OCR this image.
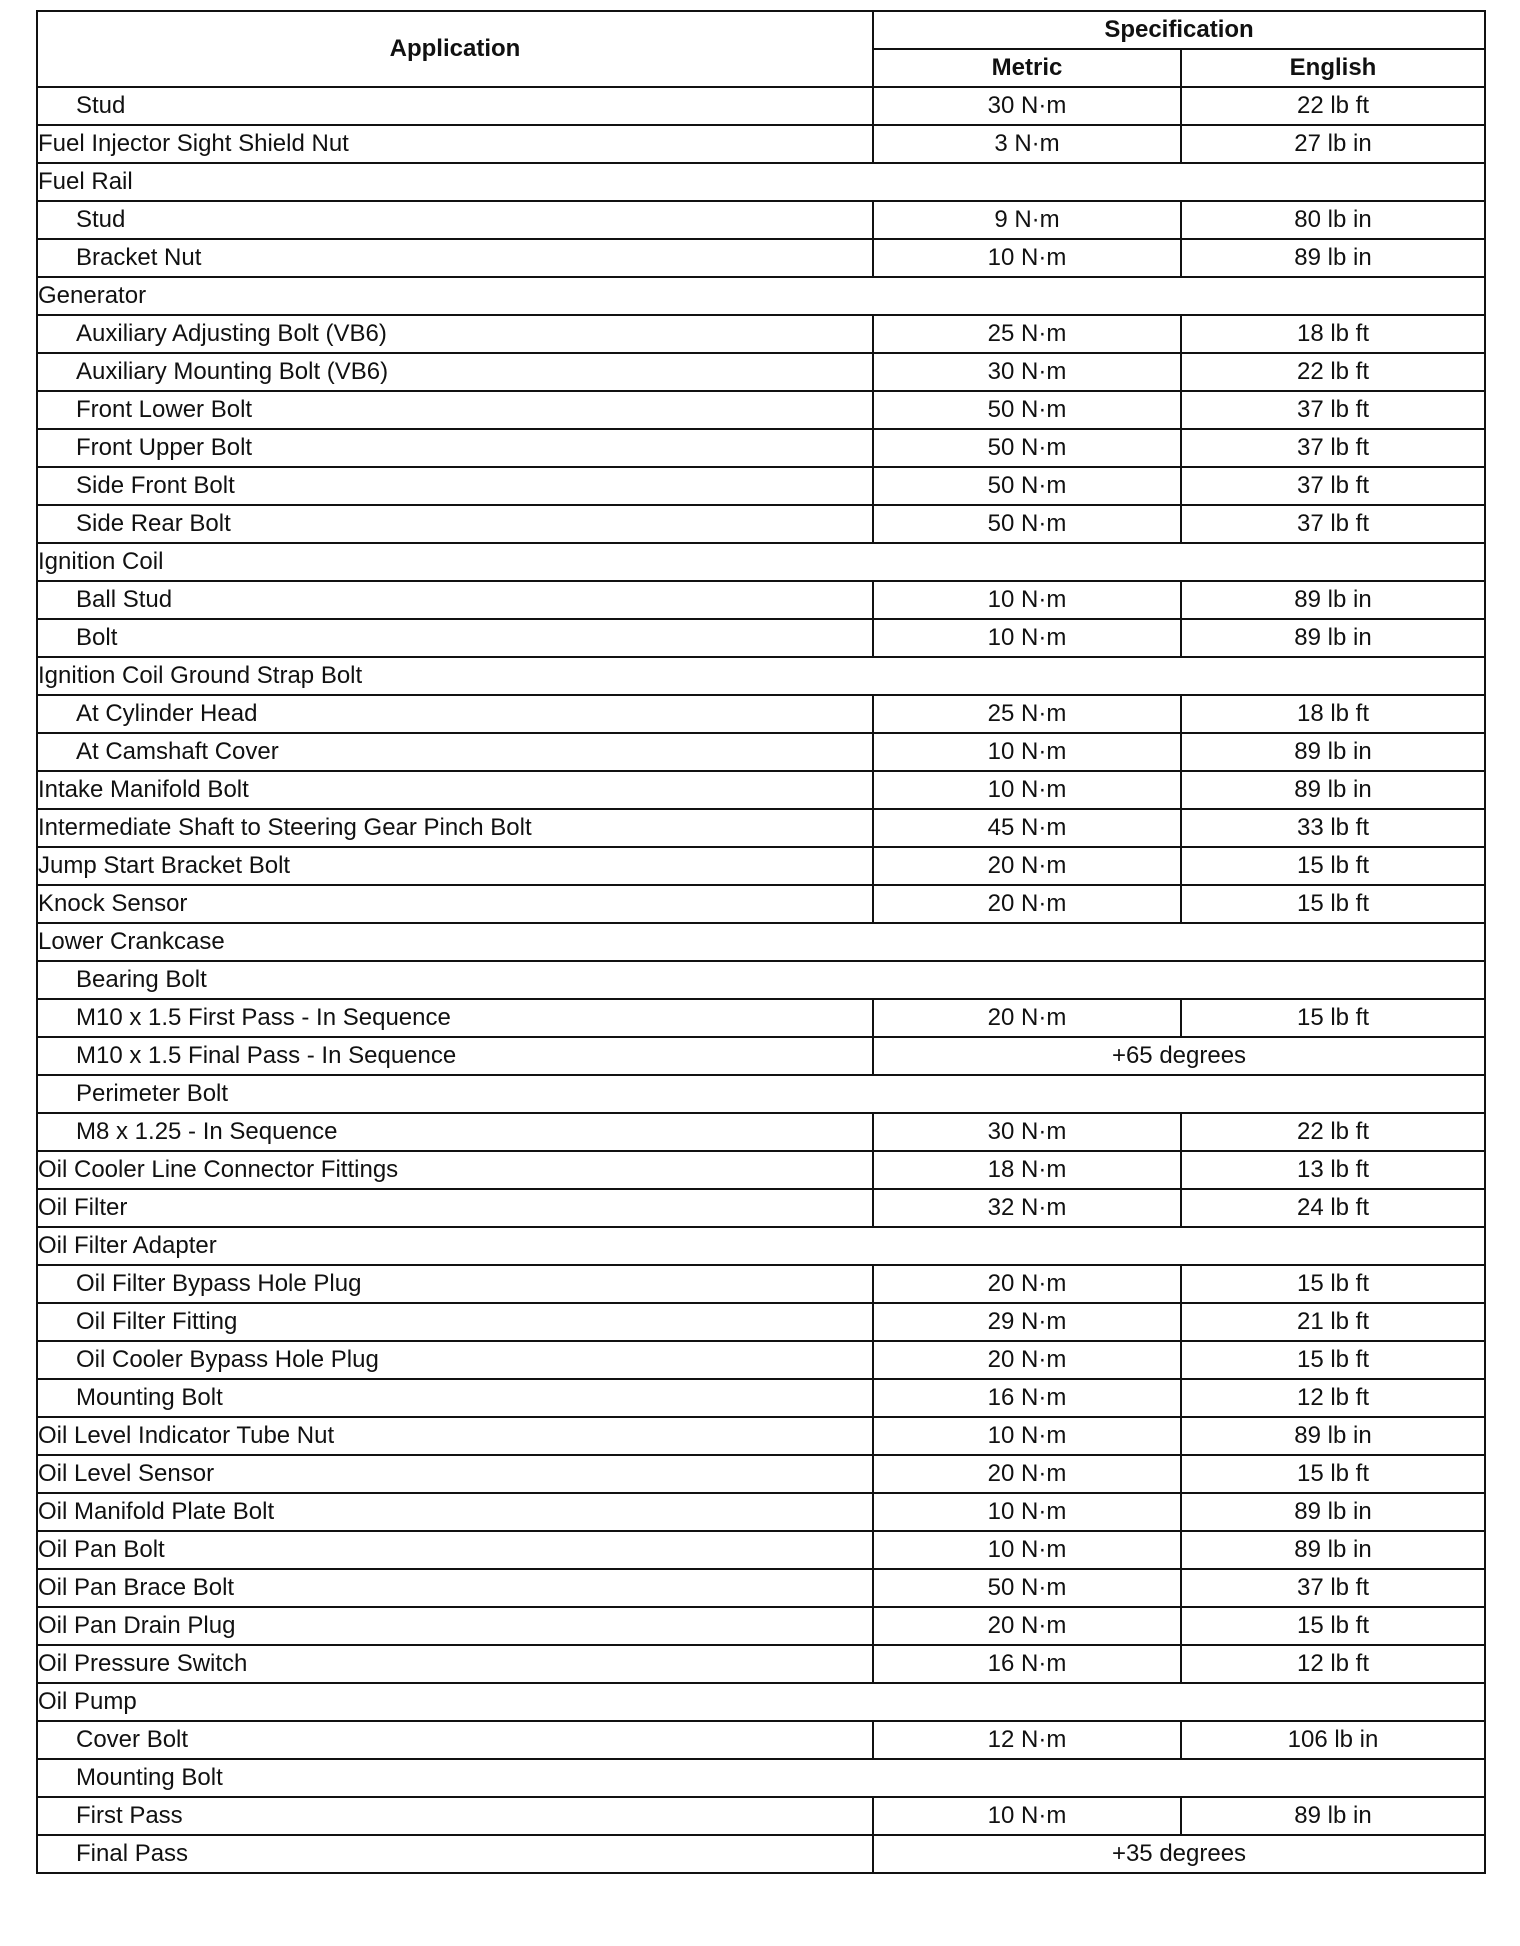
Application	Specification	
	Metric	English
Stud	30 N·m	22 lb ft
Fuel Injector Sight Shield Nut	3 N·m	27 lb in
Fuel Rail		
Stud	9 N·m	80 lb in
Bracket Nut	10 N·m	89 lb in
Generator		
Auxiliary Adjusting Bolt (VB6)	25 N·m	18 lb ft
Auxiliary Mounting Bolt (VB6)	30 N·m	22 lb ft
Front Lower Bolt	50 N·m	37 lb ft
Front Upper Bolt	50 N·m	37 lb ft
Side Front Bolt	50 N·m	37 lb ft
Side Rear Bolt	50 N·m	37 lb ft
Ignition Coil		
Ball Stud	10 N·m	89 lb in
Bolt	10 N·m	89 lb in
Ignition Coil Ground Strap Bolt		
At Cylinder Head	25 N·m	18 lb ft
At Camshaft Cover	10 N·m	89 lb in
Intake Manifold Bolt	10 N·m	89 lb in
Intermediate Shaft to Steering Gear Pinch Bolt	45 N·m	33 lb ft
Jump Start Bracket Bolt	20 N·m	15 lb ft
Knock Sensor	20 N·m	15 lb ft
Lower Crankcase		
Bearing Bolt		
M10 x 1.5 First Pass - In Sequence	20 N·m	15 lb ft
M10 x 1.5 Final Pass - In Sequence	+65 degrees	
Perimeter Bolt		
M8 x 1.25 - In Sequence	30 N·m	22 lb ft
Oil Cooler Line Connector Fittings	18 N·m	13 lb ft
Oil Filter	32 N·m	24 lb ft
Oil Filter Adapter		
Oil Filter Bypass Hole Plug	20 N·m	15 lb ft
Oil Filter Fitting	29 N·m	21 lb ft
Oil Cooler Bypass Hole Plug	20 N·m	15 lb ft
Mounting Bolt	16 N·m	12 lb ft
Oil Level Indicator Tube Nut	10 N·m	89 lb in
Oil Level Sensor	20 N·m	15 lb ft
Oil Manifold Plate Bolt	10 N·m	89 lb in
Oil Pan Bolt	10 N·m	89 lb in
Oil Pan Brace Bolt	50 N·m	37 lb ft
Oil Pan Drain Plug	20 N·m	15 lb ft
Oil Pressure Switch	16 N·m	12 lb ft
Oil Pump		
Cover Bolt	12 N·m	106 lb in
Mounting Bolt		
First Pass	10 N·m	89 lb in
Final Pass	+35 degrees	
